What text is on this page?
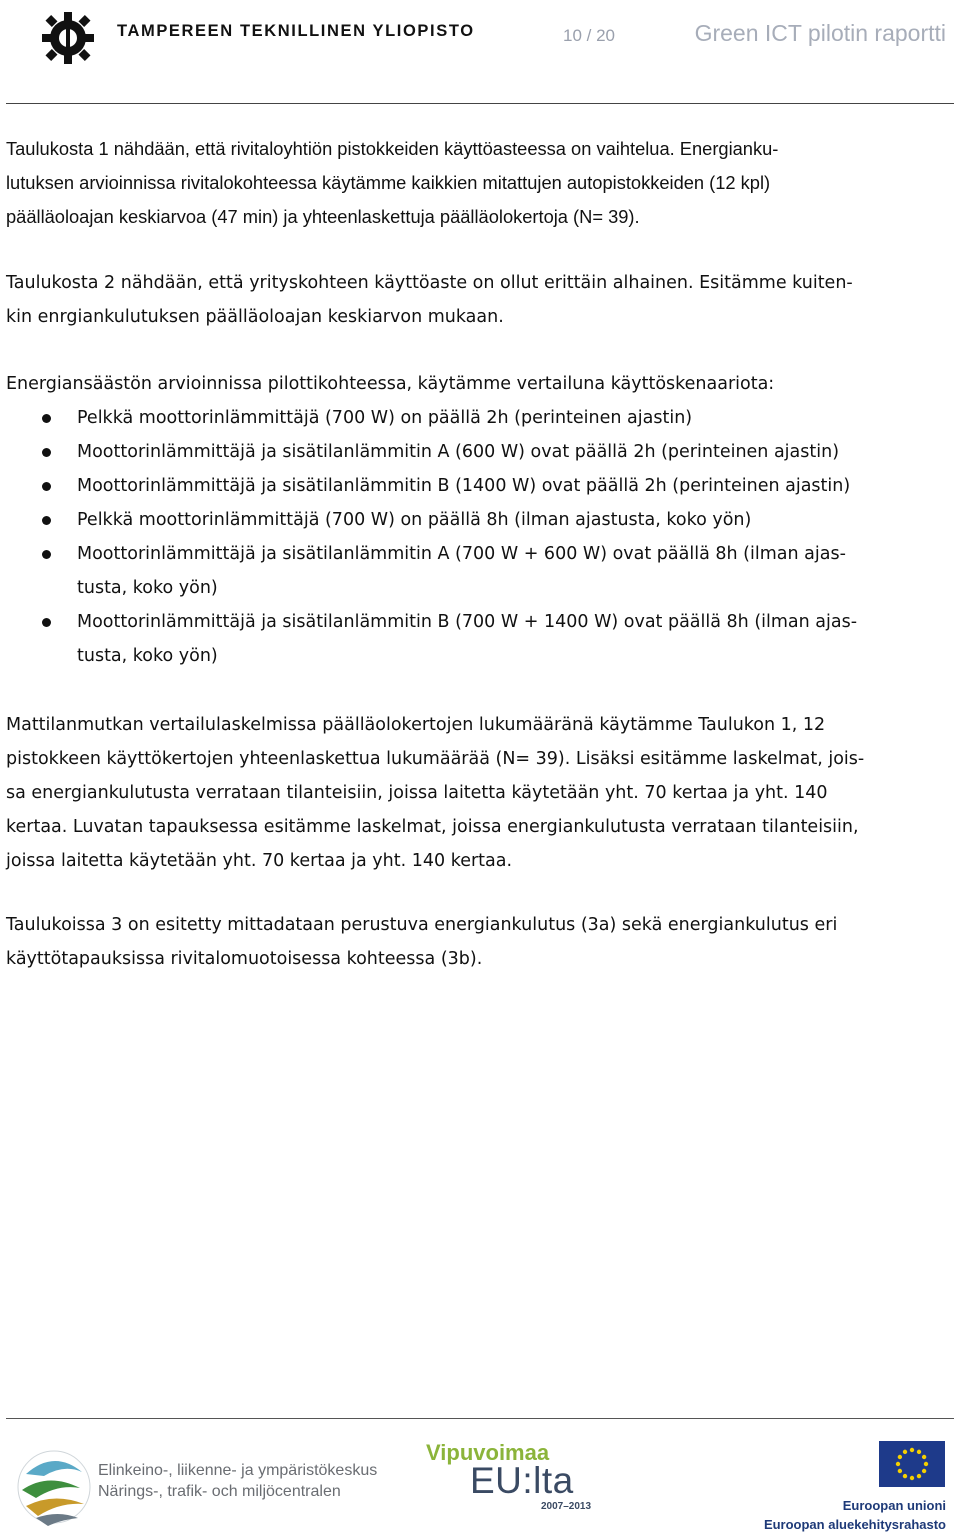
TAMPEREEN TEKNILLINEN YLIOPISTO	10 / 20	Green ICT pilotin raportti
Taulukosta 1 nähdään, että rivitaloyhtiön pistokkeiden käyttöasteessa on vaihtelua. Energianku-
lutuksen arvioinnissa rivitalokohteessa käytämme kaikkien mitattujen autopistokkeiden (12 kpl)
päälläoloajan keskiarvoa (47 min) ja yhteenlaskettuja päälläolokertoja (N= 39).
Taulukosta 2 nähdään, että yrityskohteen käyttöaste on ollut erittäin alhainen. Esitämme kuiten-
kin enrgiankulutuksen päälläoloajan keskiarvon mukaan.
Energiansäästön arvioinnissa pilottikohteessa, käytämme vertailuna käyttöskenaariota:
Pelkkä moottorinlämmittäjä (700 W) on päällä 2h (perinteinen ajastin)
Moottorinlämmittäjä ja sisätilanlämmitin A (600 W) ovat päällä 2h (perinteinen ajastin)
Moottorinlämmittäjä ja sisätilanlämmitin B (1400 W) ovat päällä 2h (perinteinen ajastin)
Pelkkä moottorinlämmittäjä (700 W) on päällä 8h (ilman ajastusta, koko yön)
Moottorinlämmittäjä ja sisätilanlämmitin A (700 W + 600 W) ovat päällä 8h (ilman ajas-
tusta, koko yön)
Moottorinlämmittäjä ja sisätilanlämmitin B (700 W + 1400 W) ovat päällä 8h (ilman ajas-
tusta, koko yön)
Mattilanmutkan vertailulaskelmissa päälläolokertojen lukumääränä käytämme Taulukon 1, 12
pistokkeen käyttökertojen yhteenlaskettua lukumäärää (N= 39). Lisäksi esitämme laskelmat, jois-
sa energiankulutusta verrataan tilanteisiin, joissa laitetta käytetään yht. 70 kertaa ja yht. 140
kertaa. Luvatan tapauksessa esitämme laskelmat, joissa energiankulutusta verrataan tilanteisiin,
joissa laitetta käytetään yht. 70 kertaa ja yht. 140 kertaa.
Taulukoissa 3 on esitetty mittadataan perustuva energiankulutus (3a) sekä energiankulutus eri
käyttötapauksissa rivitalomuotoisessa kohteessa (3b).
Elinkeino-, liikenne- ja ympäristökeskus
Närings-, trafik- och miljöcentralen
Vipuvoimaa
EU:lta
2007–2013	Euroopan unioni
Euroopan aluekehitysrahasto
